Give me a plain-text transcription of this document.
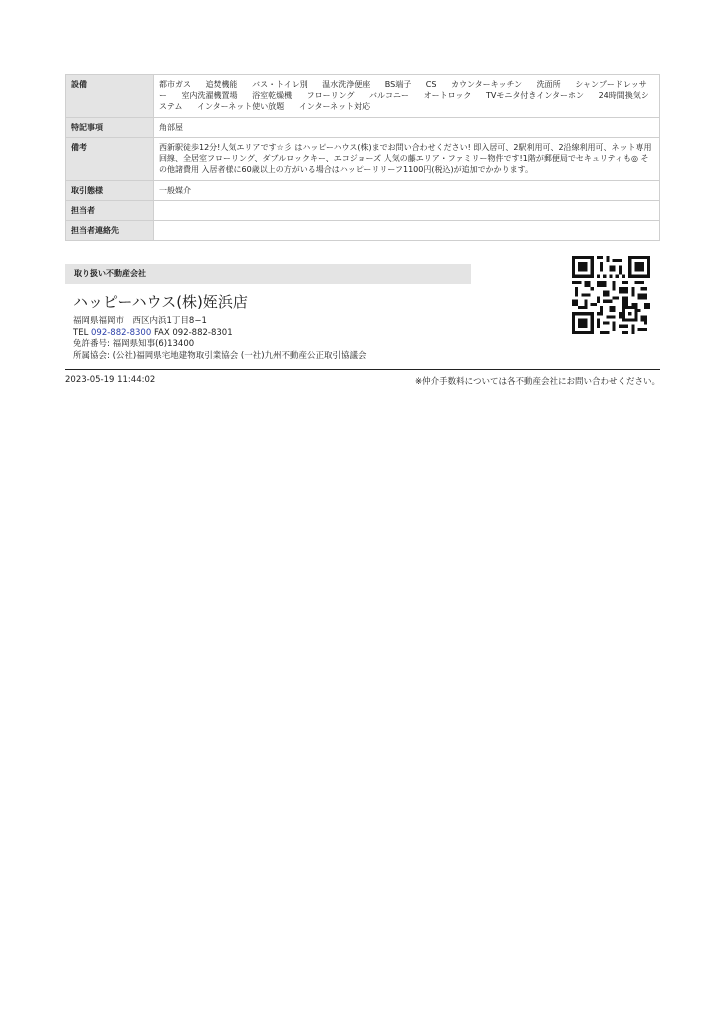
設備	都市ガス 追焚機能 バス・トイレ別 温水洗浄便座 BS端子 CS カウンターキッチン 洗面所 シャンプードレッサー 室内洗濯機置場 浴室乾燥機 フローリング バルコニー オートロック TVモニタ付きインターホン 24時間換気システム インターネット使い放題 インターネット対応
特記事項	角部屋
備考	西新駅徒歩12分!人気エリアです☆彡 はハッピーハウス(株)までお問い合わせください! 即入居可、2駅利用可、2沿線利用可、ネット専用回線、全居室フローリング、ダブルロックキー、エコジョーズ 人気の藤エリア・ファミリー物件です!1階が郵便局でセキュリティも◎ その他諸費用 入居者様に60歳以上の方がいる場合はハッピーリリーフ1100円(税込)が追加でかかります。
取引態様	一般媒介
担当者	
担当者連絡先	
取り扱い不動産会社
ハッピーハウス(株)姪浜店
福岡県福岡市　西区内浜1丁目8−1
TEL 092-882-8300 FAX 092-882-8301
免許番号: 福岡県知事(6)13400
所属協会: (公社)福岡県宅地建物取引業協会 (一社)九州不動産公正取引協議会
2023-05-19 11:44:02	※仲介手数料については各不動産会社にお問い合わせください。
